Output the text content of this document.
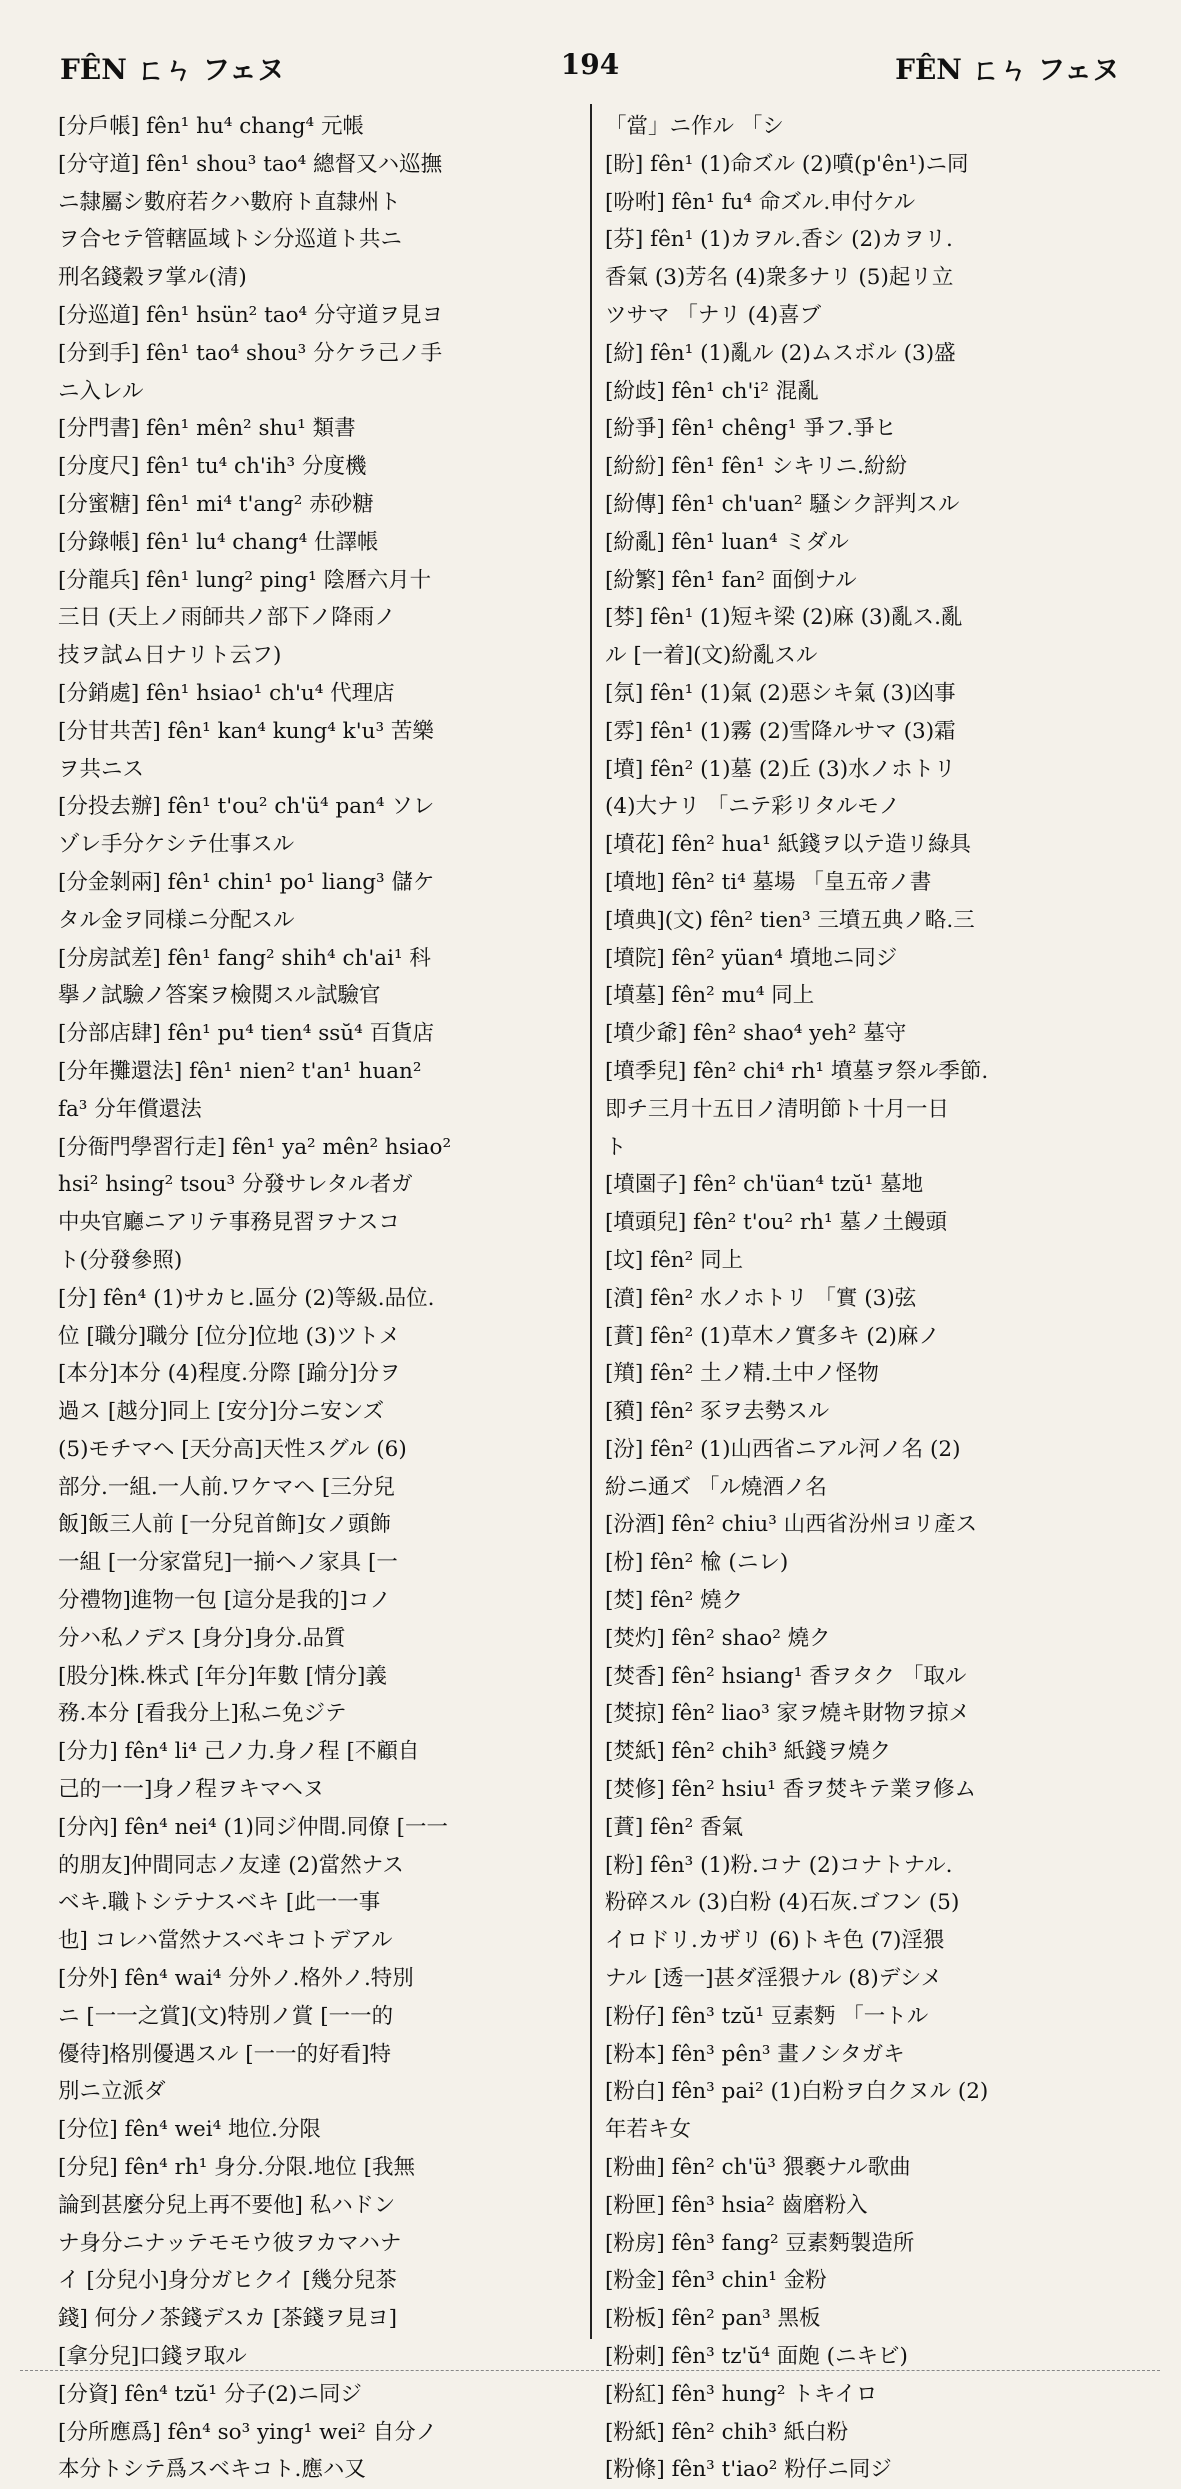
FÊN ㄈㄣ フェヌ	194	FÊN ㄈㄣ フェヌ
[分戶帳] fên¹ hu⁴ chang⁴ 元帳
[分守道] fên¹ shou³ tao⁴ 總督又ハ巡撫
ニ隸屬シ數府若クハ數府ト直隸州ト
ヲ合セテ管轄區域トシ分巡道ト共ニ
刑名錢穀ヲ掌ル(清)
[分巡道] fên¹ hsün² tao⁴ 分守道ヲ見ヨ
[分到手] fên¹ tao⁴ shou³ 分ケラ己ノ手
ニ入レル
[分門書] fên¹ mên² shu¹ 類書
[分度尺] fên¹ tu⁴ ch'ih³ 分度機
[分蜜糖] fên¹ mi⁴ t'ang² 赤砂糖
[分錄帳] fên¹ lu⁴ chang⁴ 仕譯帳
[分龍兵] fên¹ lung² ping¹ 陰曆六月十
三日 (天上ノ雨師共ノ部下ノ降雨ノ
技ヲ試ム日ナリト云フ)
[分銷處] fên¹ hsiao¹ ch'u⁴ 代理店
[分甘共苦] fên¹ kan⁴ kung⁴ k'u³ 苦樂
ヲ共ニス
[分投去辦] fên¹ t'ou² ch'ü⁴ pan⁴ ソレ
ゾレ手分ケシテ仕事スル
[分金剝兩] fên¹ chin¹ po¹ liang³ 儲ケ
タル金ヲ同様ニ分配スル
[分房試差] fên¹ fang² shih⁴ ch'ai¹ 科
擧ノ試驗ノ答案ヲ檢閱スル試驗官
[分部店肆] fên¹ pu⁴ tien⁴ ssŭ⁴ 百貨店
[分年攤還法] fên¹ nien² t'an¹ huan²
fa³ 分年償還法
[分衙門學習行走] fên¹ ya² mên² hsiao²
hsi² hsing² tsou³ 分發サレタル者ガ
中央官廳ニアリテ事務見習ヲナスコ
ト(分發參照)
[分] fên⁴ (1)サカヒ.區分 (2)等級.品位.
位 [職分]職分 [位分]位地 (3)ツトメ
[本分]本分 (4)程度.分際 [踰分]分ヲ
過ス [越分]同上 [安分]分ニ安ンズ
(5)モチマヘ [天分高]天性スグル (6)
部分.一組.一人前.ワケマヘ [三分兒
飯]飯三人前 [一分兒首飾]女ノ頭飾
一組 [一分家當兒]一揃ヘノ家具 [一
分禮物]進物一包 [這分是我的]コノ
分ハ私ノデス [身分]身分.品質
[股分]株.株式 [年分]年數 [情分]義
務.本分 [看我分上]私ニ免ジテ
[分力] fên⁴ li⁴ 己ノ力.身ノ程 [不顧自
己的一一]身ノ程ヲキマヘヌ
[分內] fên⁴ nei⁴ (1)同ジ仲間.同僚 [一一
的朋友]仲間同志ノ友達 (2)當然ナス
ベキ.職トシテナスベキ [此一一事
也] コレハ當然ナスベキコトデアル
[分外] fên⁴ wai⁴ 分外ノ.格外ノ.特別
ニ [一一之賞](文)特別ノ賞 [一一的
優待]格別優遇スル [一一的好看]特
別ニ立派ダ
[分位] fên⁴ wei⁴ 地位.分限
[分兒] fên⁴ rh¹ 身分.分限.地位 [我無
論到甚麼分兒上再不要他] 私ハドン
ナ身分ニナッテモモウ彼ヲカマハナ
イ [分兒小]身分ガヒクイ [幾分兒茶
錢] 何分ノ茶錢デスカ [茶錢ヲ見ヨ]
[拿分兒]口錢ヲ取ル
[分資] fên⁴ tzŭ¹ 分子(2)ニ同ジ
[分所應爲] fên⁴ so³ ying¹ wei² 自分ノ
本分トシテ爲スベキコト.應ハ又
「當」ニ作ル 「シ
[盼] fên¹ (1)命ズル (2)噴(p'ên¹)ニ同
[吩咐] fên¹ fu⁴ 命ズル.申付ケル
[芬] fên¹ (1)カヲル.香シ (2)カヲリ.
香氣 (3)芳名 (4)衆多ナリ (5)起リ立
ツサマ 「ナリ (4)喜ブ
[紛] fên¹ (1)亂ル (2)ムスボル (3)盛
[紛歧] fên¹ ch'i² 混亂
[紛爭] fên¹ chêng¹ 爭フ.爭ヒ
[紛紛] fên¹ fên¹ シキリニ.紛紛
[紛傳] fên¹ ch'uan² 騷シク評判スル
[紛亂] fên¹ luan⁴ ミダル
[紛繁] fên¹ fan² 面倒ナル
[棼] fên¹ (1)短キ梁 (2)麻 (3)亂ス.亂
ル [一着](文)紛亂スル
[氛] fên¹ (1)氣 (2)惡シキ氣 (3)凶事
[雰] fên¹ (1)霧 (2)雪降ルサマ (3)霜
[墳] fên² (1)墓 (2)丘 (3)水ノホトリ
(4)大ナリ 「ニテ彩リタルモノ
[墳花] fên² hua¹ 紙錢ヲ以テ造リ綠具
[墳地] fên² ti⁴ 墓場 「皇五帝ノ書
[墳典](文) fên² tien³ 三墳五典ノ略.三
[墳院] fên² yüan⁴ 墳地ニ同ジ
[墳墓] fên² mu⁴ 同上
[墳少爺] fên² shao⁴ yeh² 墓守
[墳季兒] fên² chi⁴ rh¹ 墳墓ヲ祭ル季節.
即チ三月十五日ノ清明節ト十月一日
ト
[墳園子] fên² ch'üan⁴ tzŭ¹ 墓地
[墳頭兒] fên² t'ou² rh¹ 墓ノ土饅頭
[坟] fên² 同上
[濆] fên² 水ノホトリ 「實 (3)弦
[蕡] fên² (1)草木ノ實多キ (2)麻ノ
[羵] fên² 土ノ精.土中ノ怪物
[豶] fên² 豕ヲ去勢スル
[汾] fên² (1)山西省ニアル河ノ名 (2)
紛ニ通ズ 「ル燒酒ノ名
[汾酒] fên² chiu³ 山西省汾州ヨリ產ス
[枌] fên² 楡 (ニレ)
[焚] fên² 燒ク
[焚灼] fên² shao² 燒ク
[焚香] fên² hsiang¹ 香ヲタク 「取ル
[焚掠] fên² liao³ 家ヲ燒キ財物ヲ掠メ
[焚紙] fên² chih³ 紙錢ヲ燒ク
[焚修] fên² hsiu¹ 香ヲ焚キテ業ヲ修ム
[蕡] fên² 香氣
[粉] fên³ (1)粉.コナ (2)コナトナル.
粉碎スル (3)白粉 (4)石灰.ゴフン (5)
イロドリ.カザリ (6)トキ色 (7)淫猥
ナル [透一]甚ダ淫猥ナル (8)デシメ
[粉仔] fên³ tzŭ¹ 豆素麪 「一トル
[粉本] fên³ pên³ 畫ノシタガキ
[粉白] fên³ pai² (1)白粉ヲ白クヌル (2)
年若キ女
[粉曲] fên² ch'ü³ 猥褻ナル歌曲
[粉匣] fên³ hsia² 齒磨粉入
[粉房] fên³ fang² 豆素麪製造所
[粉金] fên³ chin¹ 金粉
[粉板] fên² pan³ 黑板
[粉刺] fên³ tz'ŭ⁴ 面皰 (ニキビ)
[粉紅] fên³ hung² トキイロ
[粉紙] fên² chih³ 紙白粉
[粉條] fên³ t'iao² 粉仔ニ同ジ
